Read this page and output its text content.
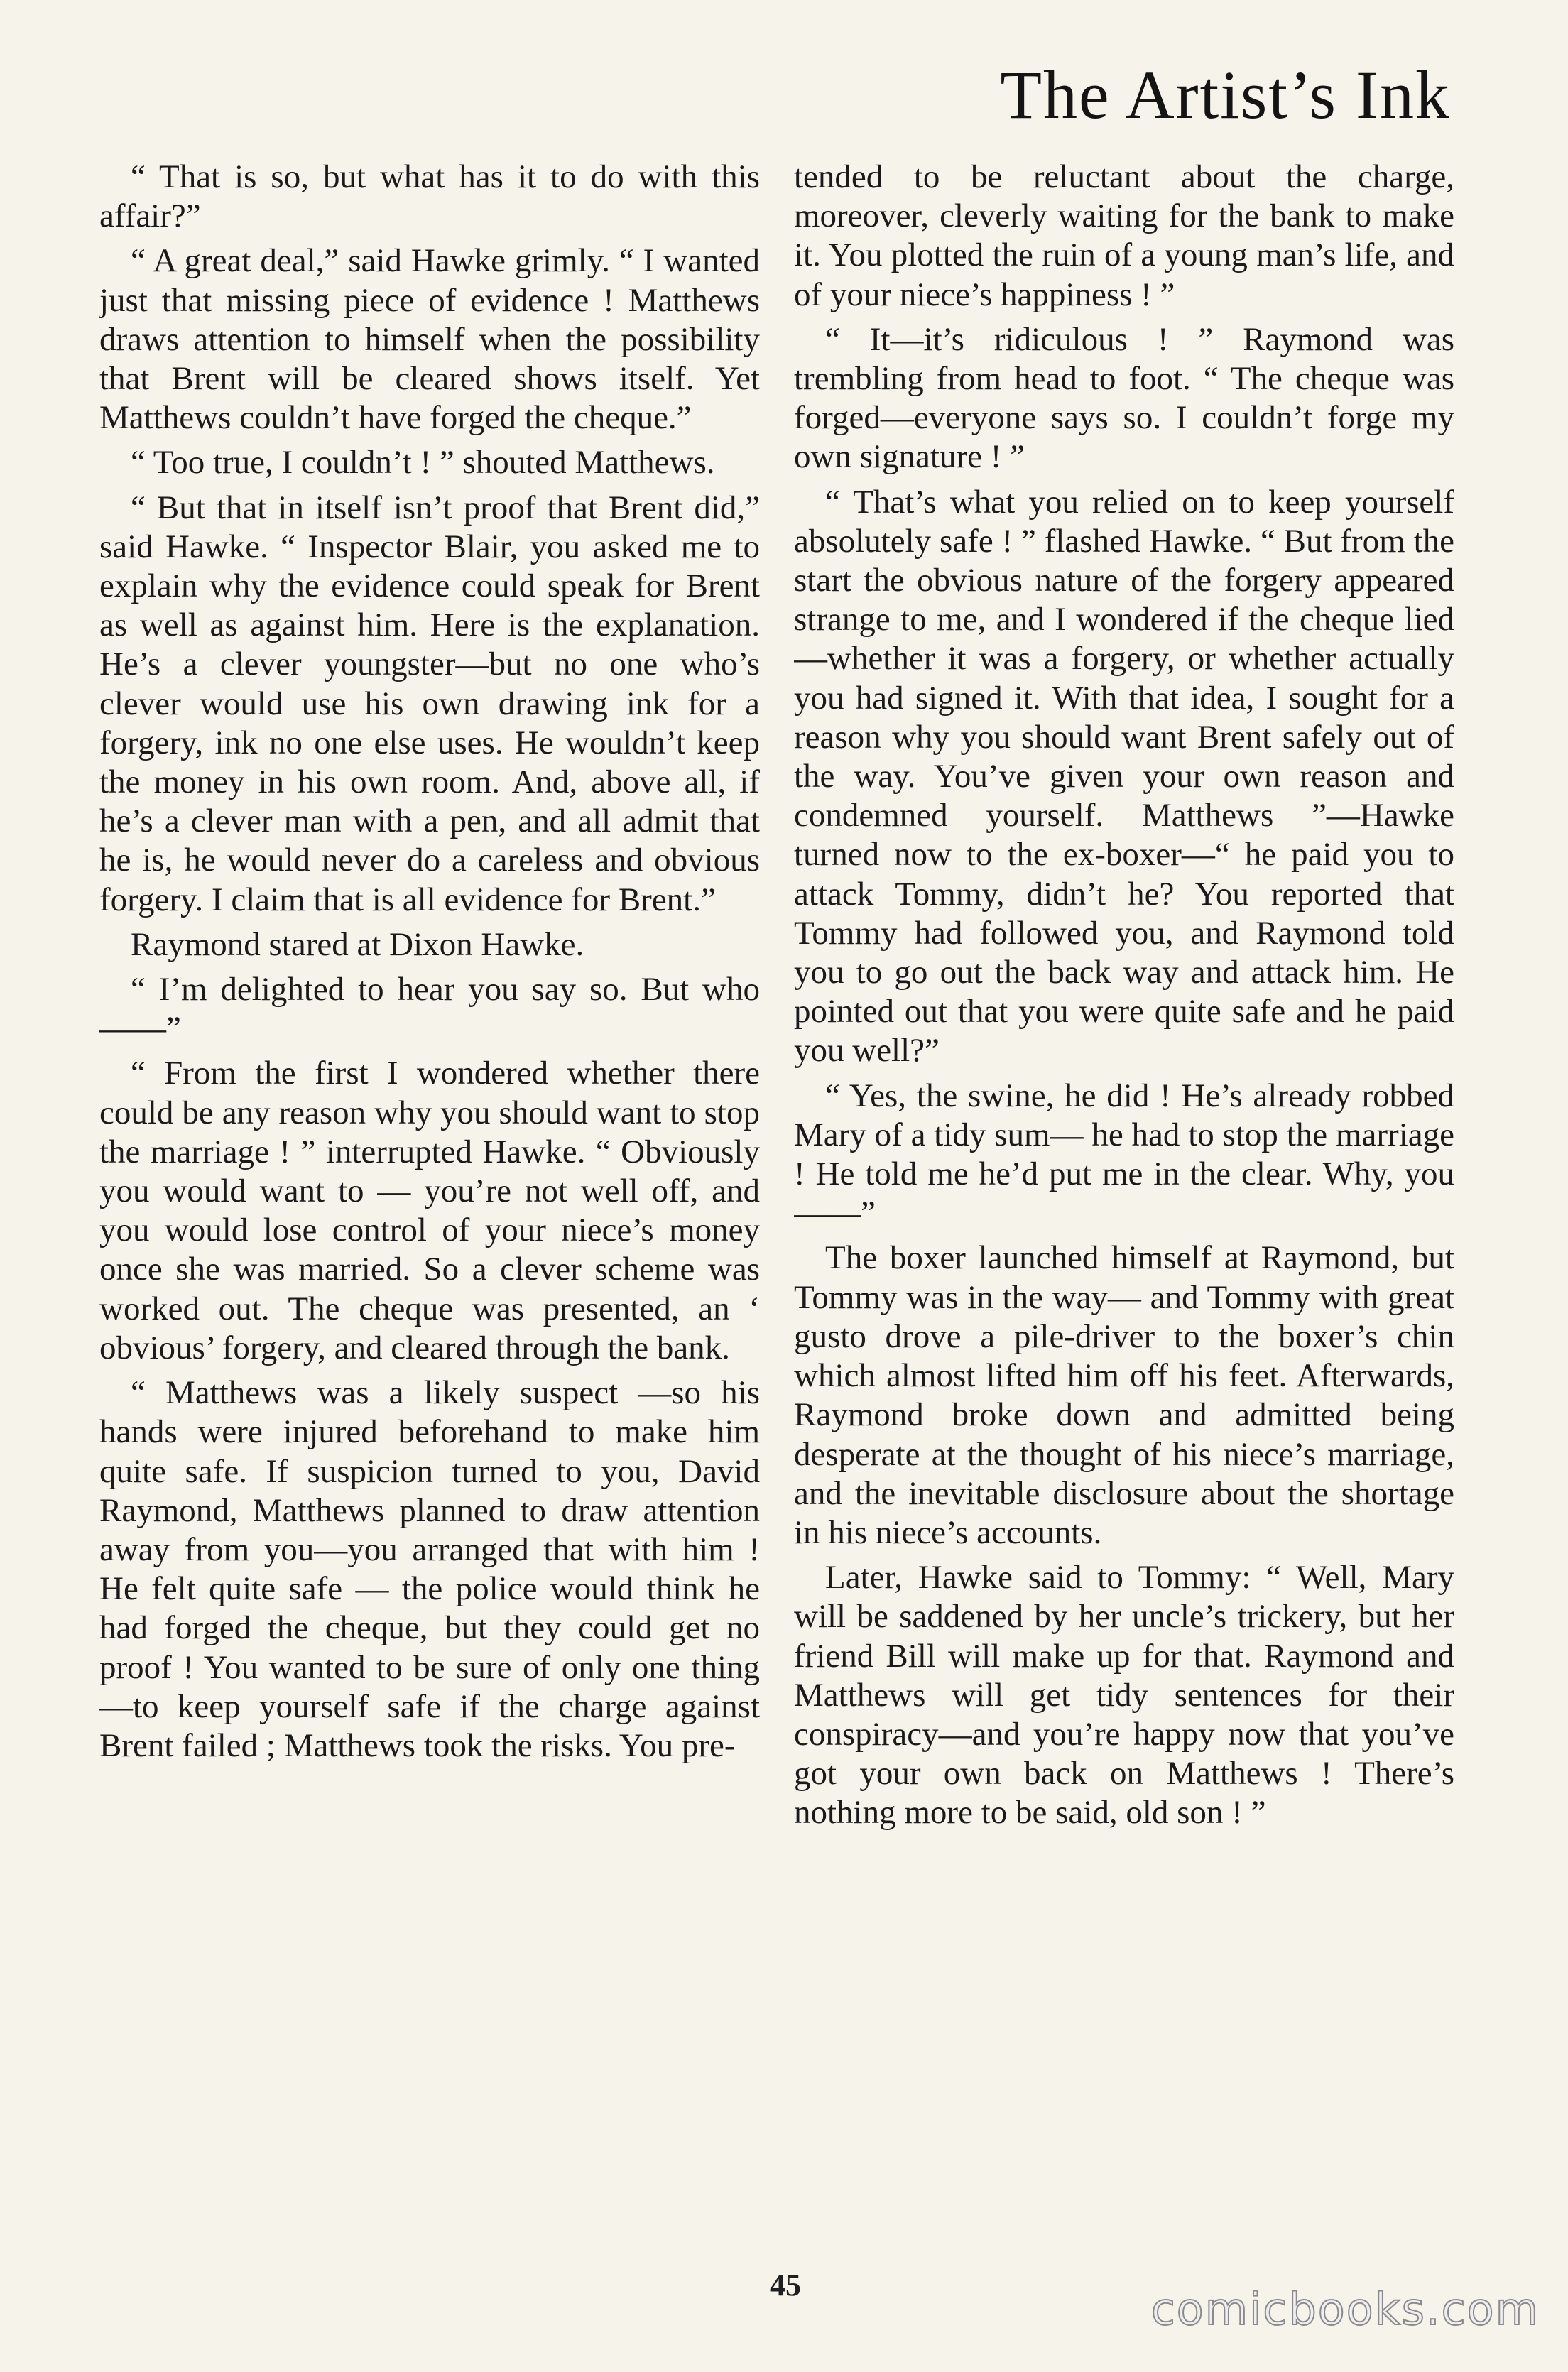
The Artist’s Ink

“ That is so, but what has it to do with this affair?”

“ A great deal,” said Hawke grimly. “ I wanted just that missing piece of evidence ! Matthews draws attention to himself when the possibility that Brent will be cleared shows itself. Yet Matthews couldn’t have forged the cheque.”

“ Too true, I couldn’t ! ” shouted Matthews.

“ But that in itself isn’t proof that Brent did,” said Hawke. “ Inspector Blair, you asked me to explain why the evidence could speak for Brent as well as against him. Here is the explanation. He’s a clever youngster—but no one who’s clever would use his own drawing ink for a forgery, ink no one else uses. He wouldn’t keep the money in his own room. And, above all, if he’s a clever man with a pen, and all admit that he is, he would never do a careless and obvious forgery. I claim that is all evidence for Brent.”

Raymond stared at Dixon Hawke.

“ I’m delighted to hear you say so. But who——”

“ From the first I wondered whether there could be any reason why you should want to stop the marriage ! ” interrupted Hawke. “ Obviously you would want to — you’re not well off, and you would lose control of your niece’s money once she was married. So a clever scheme was worked out. The cheque was presented, an ‘ obvious’ forgery, and cleared through the bank.

“ Matthews was a likely suspect —so his hands were injured beforehand to make him quite safe. If suspicion turned to you, David Raymond, Matthews planned to draw attention away from you—you arranged that with him ! He felt quite safe — the police would think he had forged the cheque, but they could get no proof ! You wanted to be sure of only one thing—to keep yourself safe if the charge against Brent failed ; Matthews took the risks. You pre-

tended to be reluctant about the charge, moreover, cleverly waiting for the bank to make it. You plotted the ruin of a young man’s life, and of your niece’s happiness ! ”

“ It—it’s ridiculous ! ” Raymond was trembling from head to foot. “ The cheque was forged—everyone says so. I couldn’t forge my own signature ! ”

“ That’s what you relied on to keep yourself absolutely safe ! ” flashed Hawke. “ But from the start the obvious nature of the forgery appeared strange to me, and I wondered if the cheque lied—whether it was a forgery, or whether actually you had signed it. With that idea, I sought for a reason why you should want Brent safely out of the way. You’ve given your own reason and condemned yourself. Matthews ”—Hawke turned now to the ex-boxer—“ he paid you to attack Tommy, didn’t he? You reported that Tommy had followed you, and Raymond told you to go out the back way and attack him. He pointed out that you were quite safe and he paid you well?”

“ Yes, the swine, he did ! He’s already robbed Mary of a tidy sum— he had to stop the marriage ! He told me he’d put me in the clear. Why, you——”

The boxer launched himself at Raymond, but Tommy was in the way— and Tommy with great gusto drove a pile-driver to the boxer’s chin which almost lifted him off his feet. Afterwards, Raymond broke down and admitted being desperate at the thought of his niece’s marriage, and the inevitable disclosure about the shortage in his niece’s accounts.

Later, Hawke said to Tommy: “ Well, Mary will be saddened by her uncle’s trickery, but her friend Bill will make up for that. Raymond and Matthews will get tidy sentences for their conspiracy—and you’re happy now that you’ve got your own back on Matthews ! There’s nothing more to be said, old son ! ”

45	comicbooks.com
